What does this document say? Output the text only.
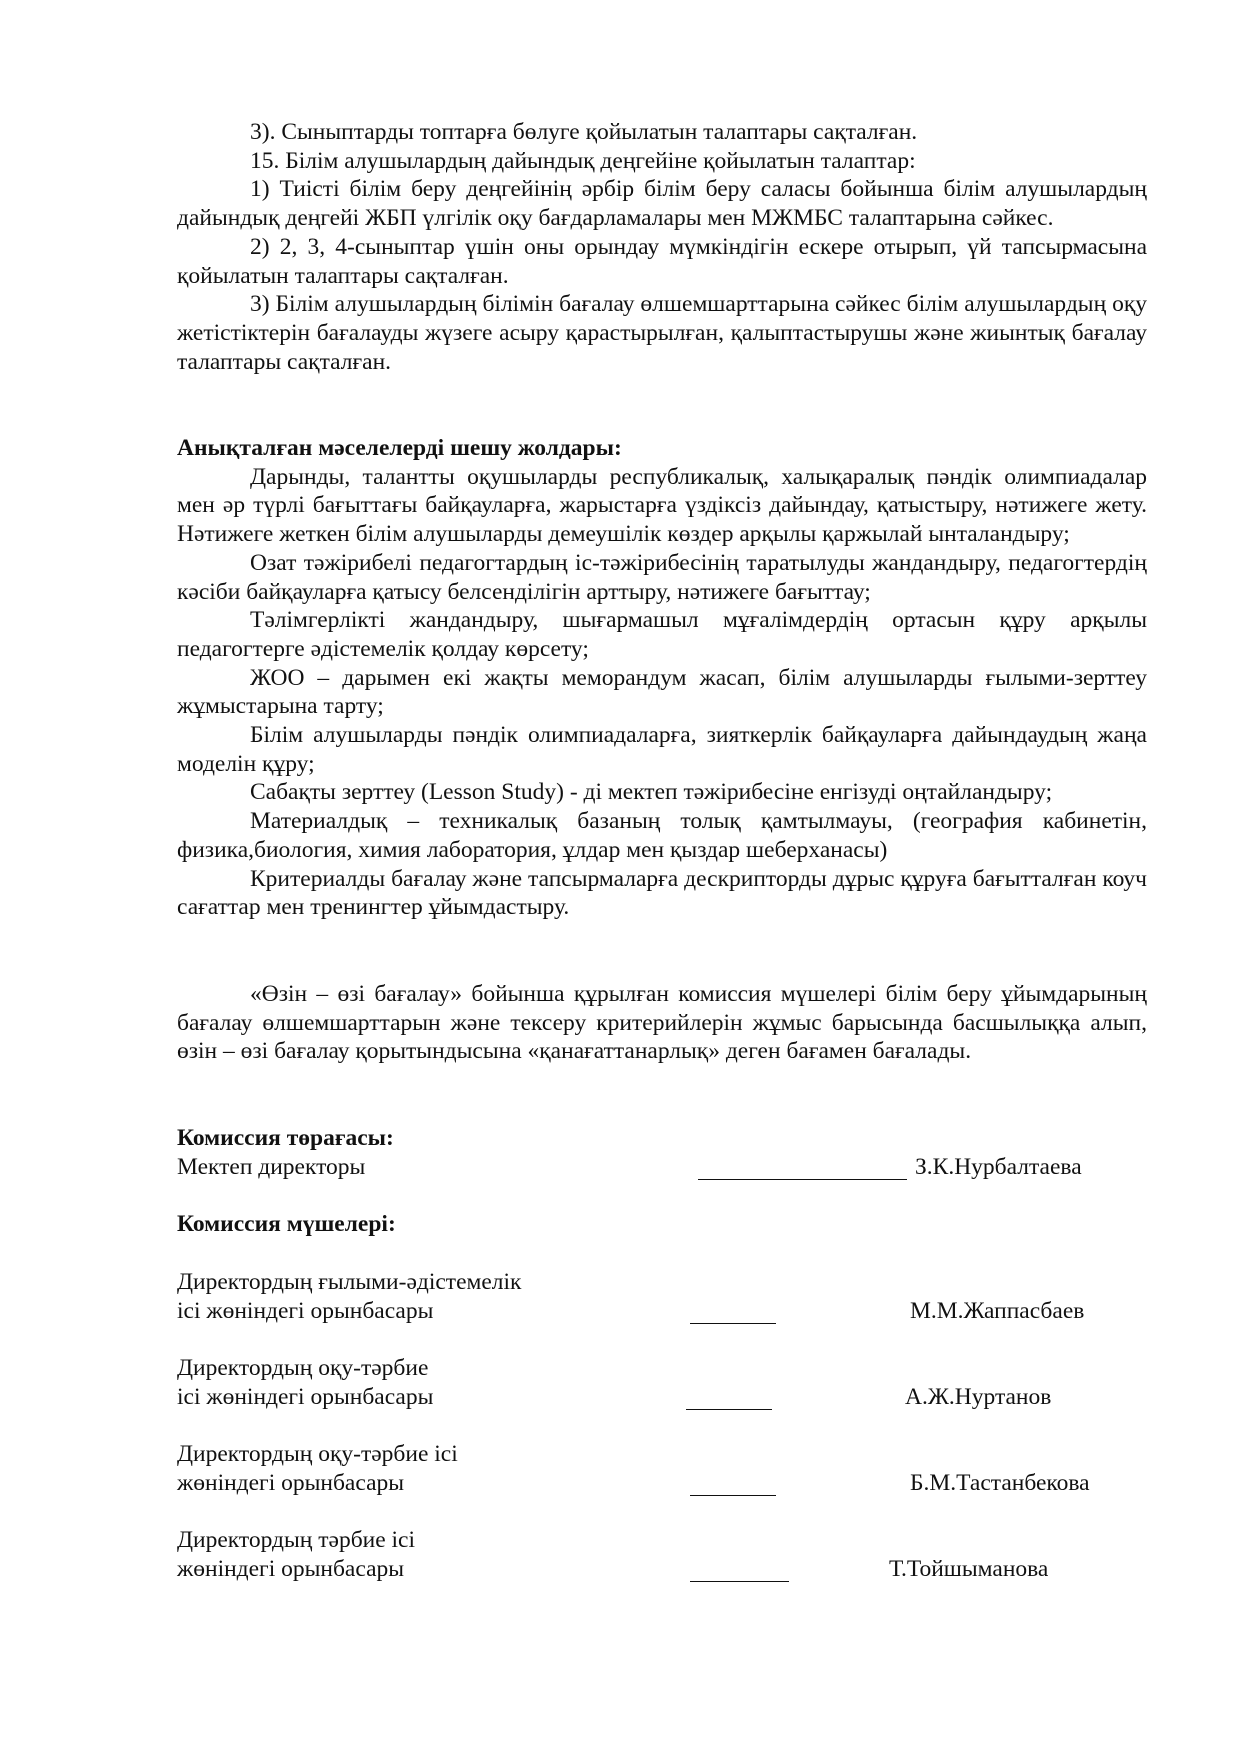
3). Сыныптарды топтарға бөлуге қойылатын талаптары сақталған.

15. Білім алушылардың дайындық деңгейіне қойылатын талаптар:

1) Тиісті білім беру деңгейінің әрбір білім беру саласы бойынша білім алушылардың дайындық деңгейі ЖБП үлгілік оқу бағдарламалары мен МЖМБС талаптарына сәйкес.

2) 2, 3, 4-сыныптар үшін оны орындау мүмкіндігін ескере отырып, үй тапсырмасына қойылатын талаптары сақталған.

3) Білім алушылардың білімін бағалау өлшемшарттарына сәйкес білім алушылардың оқу жетістіктерін бағалауды жүзеге асыру қарастырылған, қалыптастырушы және жиынтық бағалау талаптары сақталған.

Анықталған мәселелерді шешу жолдары:

Дарынды, талантты оқушыларды республикалық, халықаралық пәндік олимпиадалар мен әр түрлі бағыттағы байқауларға, жарыстарға үздіксіз дайындау, қатыстыру, нәтижеге жету. Нәтижеге жеткен білім алушыларды демеушілік көздер арқылы қаржылай ынталандыру;

Озат тәжірибелі педагогтардың іс-тәжірибесінің таратылуды жандандыру, педагогтердің кәсіби байқауларға қатысу белсенділігін арттыру, нәтижеге бағыттау;

Тәлімгерлікті жандандыру, шығармашыл мұғалімдердің ортасын құру арқылы педагогтерге әдістемелік қолдау көрсету;

ЖОО – дарымен екі жақты меморандум жасап, білім алушыларды ғылыми-зерттеу жұмыстарына тарту;

Білім алушыларды пәндік олимпиадаларға, зияткерлік байқауларға дайындаудың жаңа моделін құру;

Сабақты зерттеу (Lesson Study) - ді мектеп тәжірибесіне енгізуді оңтайландыру;

Материалдық – техникалық базаның толық қамтылмауы, (география кабинетін, физика,биология, химия лаборатория, ұлдар мен қыздар шеберханасы)

Критериалды бағалау және тапсырмаларға дескрипторды дұрыс құруға бағытталған коуч сағаттар мен тренингтер ұйымдастыру.

«Өзін – өзі бағалау» бойынша құрылған комиссия мүшелері білім беру ұйымдарының бағалау өлшемшарттарын және тексеру критерийлерін жұмыс барысында басшылыққа алып, өзін – өзі бағалау қорытындысына «қанағаттанарлық» деген бағамен бағалады.

Комиссия төрағасы:

Мектеп директоры	З.К.Нурбалтаева

Комиссия мүшелері:

Директордың ғылыми-әдістемелік
ісі жөніндегі орынбасары	М.М.Жаппасбаев
Директордың оқу-тәрбие
ісі жөніндегі орынбасары	А.Ж.Нуртанов
Директордың оқу-тәрбие ісі
жөніндегі орынбасары	Б.М.Тастанбекова
Директордың тәрбие ісі
жөніндегі орынбасары	Т.Тойшыманова
